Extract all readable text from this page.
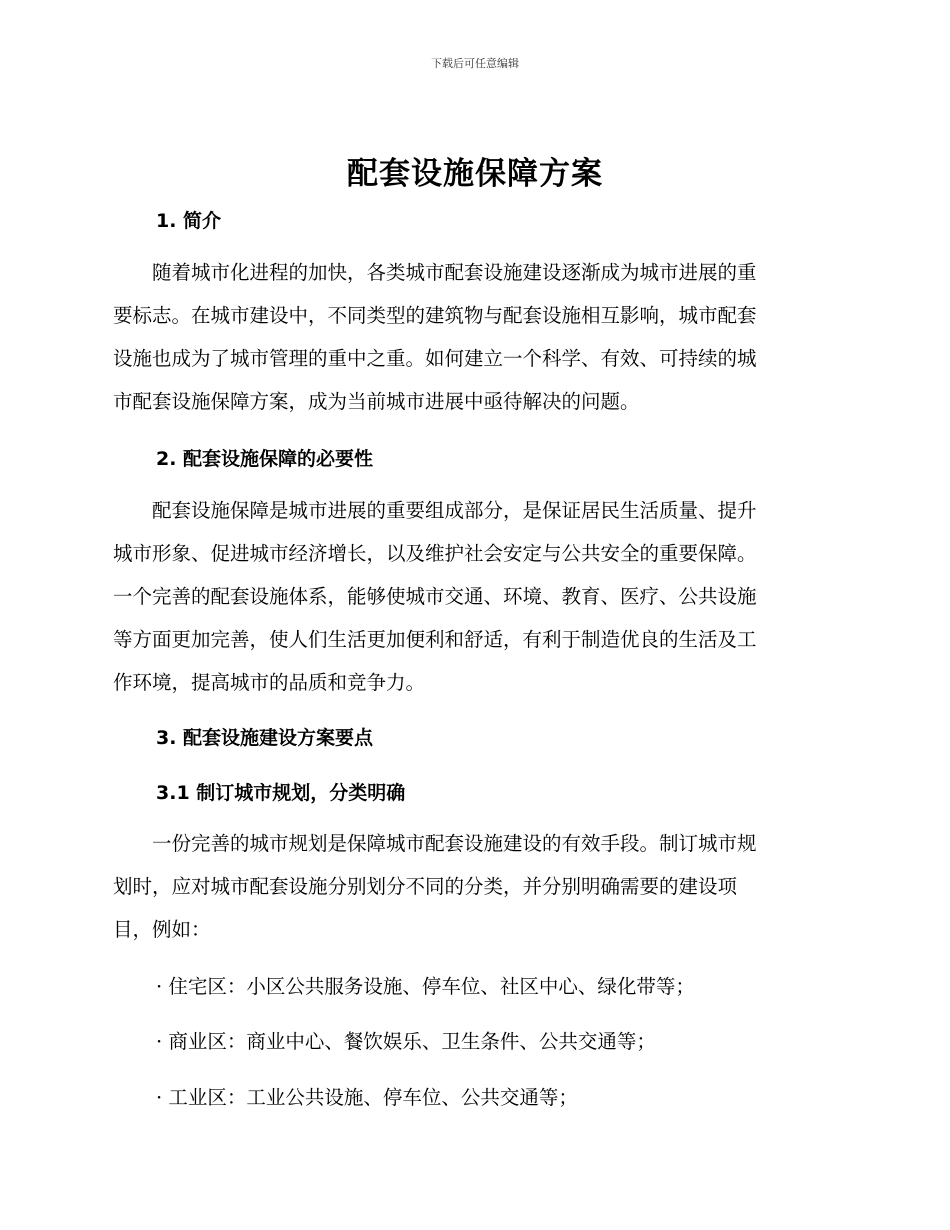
下载后可任意编辑
配套设施保障方案
1. 简介
随着城市化进程的加快，各类城市配套设施建设逐渐成为城市进展的重
要标志。在城市建设中，不同类型的建筑物与配套设施相互影响，城市配套
设施也成为了城市管理的重中之重。如何建立一个科学、有效、可持续的城
市配套设施保障方案，成为当前城市进展中亟待解决的问题。
2. 配套设施保障的必要性
配套设施保障是城市进展的重要组成部分，是保证居民生活质量、提升
城市形象、促进城市经济增长，以及维护社会安定与公共安全的重要保障。
一个完善的配套设施体系，能够使城市交通、环境、教育、医疗、公共设施
等方面更加完善，使人们生活更加便利和舒适，有利于制造优良的生活及工
作环境，提高城市的品质和竞争力。
3. 配套设施建设方案要点
3.1 制订城市规划，分类明确
一份完善的城市规划是保障城市配套设施建设的有效手段。制订城市规
划时，应对城市配套设施分别划分不同的分类，并分别明确需要的建设项
目，例如：
· 住宅区：小区公共服务设施、停车位、社区中心、绿化带等；
· 商业区：商业中心、餐饮娱乐、卫生条件、公共交通等；
· 工业区：工业公共设施、停车位、公共交通等；
